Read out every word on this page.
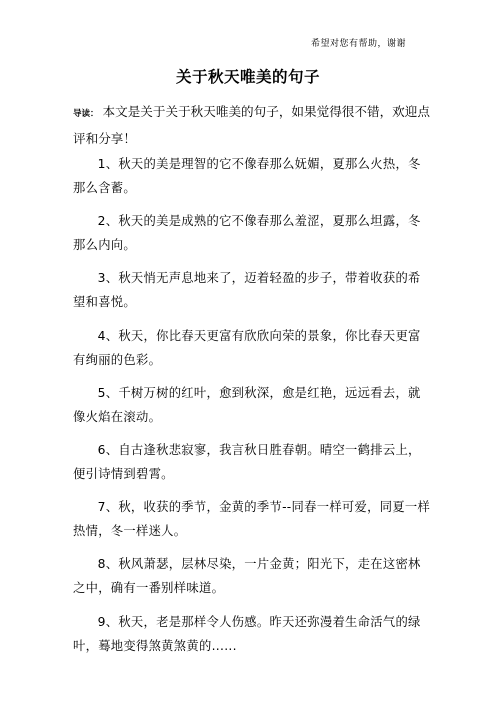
希望对您有帮助，谢谢
关于秋天唯美的句子

导读： 本文是关于关于秋天唯美的句子，如果觉得很不错，欢迎点评和分享！

1、秋天的美是理智的它不像春那么妩媚，夏那么火热，冬那么含蓄。
2、秋天的美是成熟的它不像春那么羞涩，夏那么坦露，冬那么内向。
3、秋天悄无声息地来了，迈着轻盈的步子，带着收获的希望和喜悦。
4、秋天，你比春天更富有欣欣向荣的景象，你比春天更富有绚丽的色彩。
5、千树万树的红叶，愈到秋深，愈是红艳，远远看去，就像火焰在滚动。
6、自古逢秋悲寂寥，我言秋日胜春朝。晴空一鹤排云上，便引诗情到碧霄。
7、秋，收获的季节，金黄的季节--同春一样可爱，同夏一样热情，冬一样迷人。
8、秋风萧瑟，层林尽染，一片金黄；阳光下，走在这密林之中，确有一番别样味道。
9、秋天，老是那样令人伤感。昨天还弥漫着生命活气的绿叶，蓦地变得煞黄煞黄的......
